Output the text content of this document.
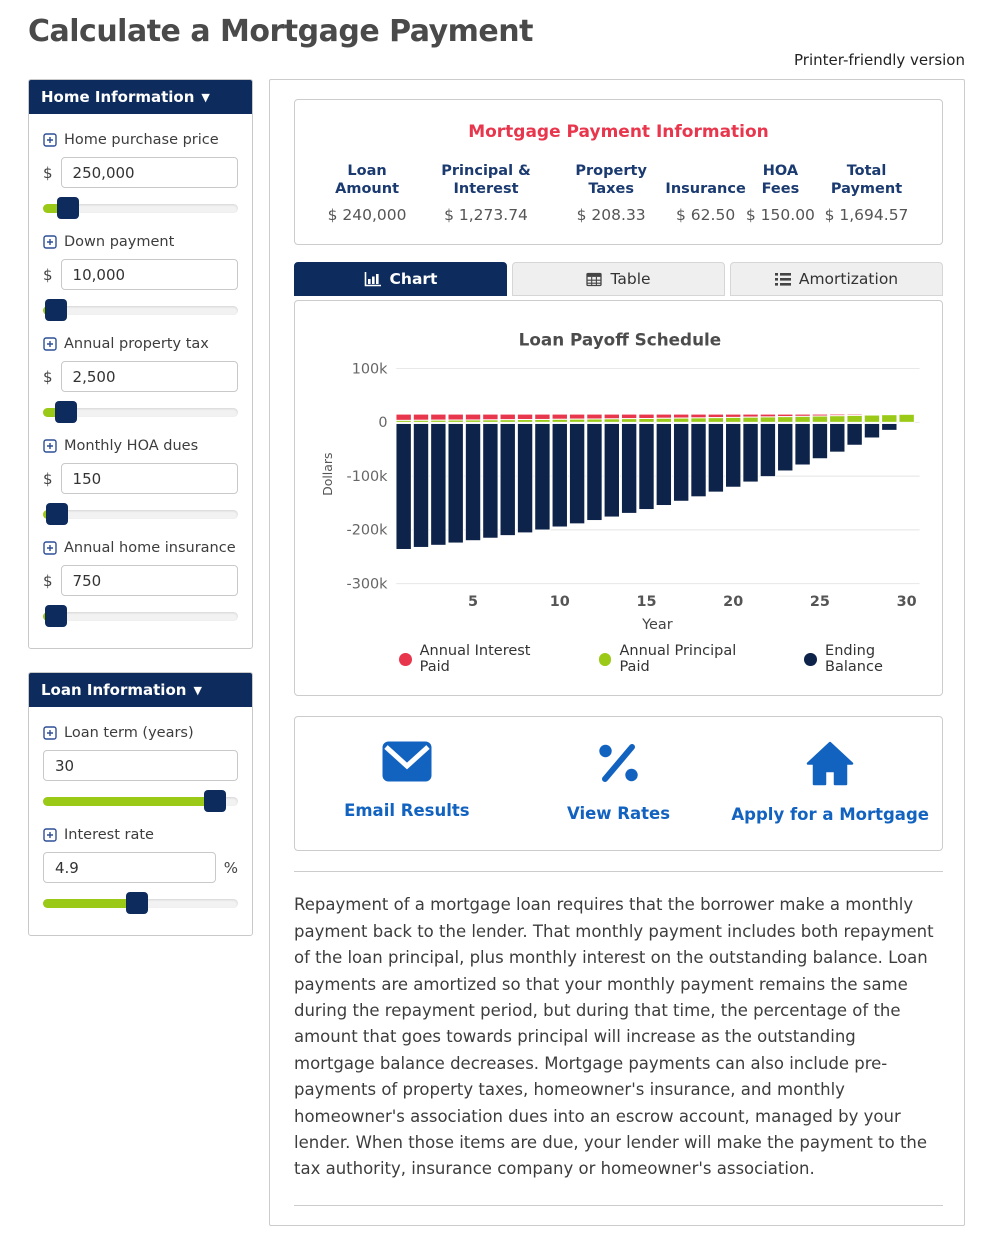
Calculate a Mortgage Payment
Printer-friendly version
Home Information ▼
Home purchase price
$
250,000
Down payment
$
10,000
Annual property tax
$
2,500
Monthly HOA dues
$
150
Annual home insurance
$
750
Loan Information ▼
Loan term (years)
30
Interest rate
4.9
%
Mortgage Payment Information
Loan Amount
$ 240,000
Principal & Interest
$ 1,273.74
Property Taxes
$ 208.33
Insurance
$ 62.50
HOA Fees
$ 150.00
Total Payment
$ 1,694.57
Chart	Table	Amortization
Loan Payoff Schedule
100k
0
-100k
-200k
-300k
Dollars
5	10	15	20	25	30
Year
Annual Interest Paid
Annual Principal Paid
Ending Balance
Email Results	View Rates	Apply for a Mortgage

Repayment of a mortgage loan requires that the borrower make a monthly payment back to the lender. That monthly payment includes both repayment of the loan principal, plus monthly interest on the outstanding balance. Loan payments are amortized so that your monthly payment remains the same during the repayment period, but during that time, the percentage of the amount that goes towards principal will increase as the outstanding mortgage balance decreases. Mortgage payments can also include pre-payments of property taxes, homeowner's insurance, and monthly homeowner's association dues into an escrow account, managed by your lender. When those items are due, your lender will make the payment to the tax authority, insurance company or homeowner's association.
